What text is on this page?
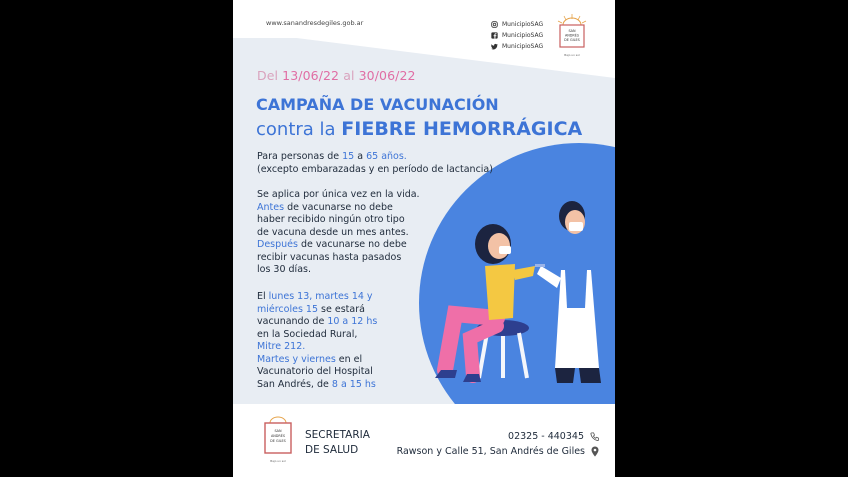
www.sanandresdegiles.gob.ar	MunicipioSAG
MunicipioSAG
MunicipioSAG
SAN
ANDRÉS
DE GILES
Bajo un sol
Del 13/06/22 al 30/06/22
CAMPAÑA DE VACUNACIÓN
contra la FIEBRE HEMORRÁGICA
Para personas de 15 a 65 años.
(excepto embarazadas y en período de lactancia)
Se aplica por única vez en la vida.
Antes de vacunarse no debe
haber recibido ningún otro tipo
de vacuna desde un mes antes.
Después de vacunarse no debe
recibir vacunas hasta pasados
los 30 días.
El lunes 13, martes 14 y
miércoles 15 se estará
vacunando de 10 a 12 hs
en la Sociedad Rural,
Mitre 212.
Martes y viernes en el
Vacunatorio del Hospital
San Andrés, de 8 a 15 hs
SAN
ANDRÉS
DE GILES
Bajo un sol
SECRETARIA
DE SALUD
02325 - 440345
Rawson y Calle 51, San Andrés de Giles
